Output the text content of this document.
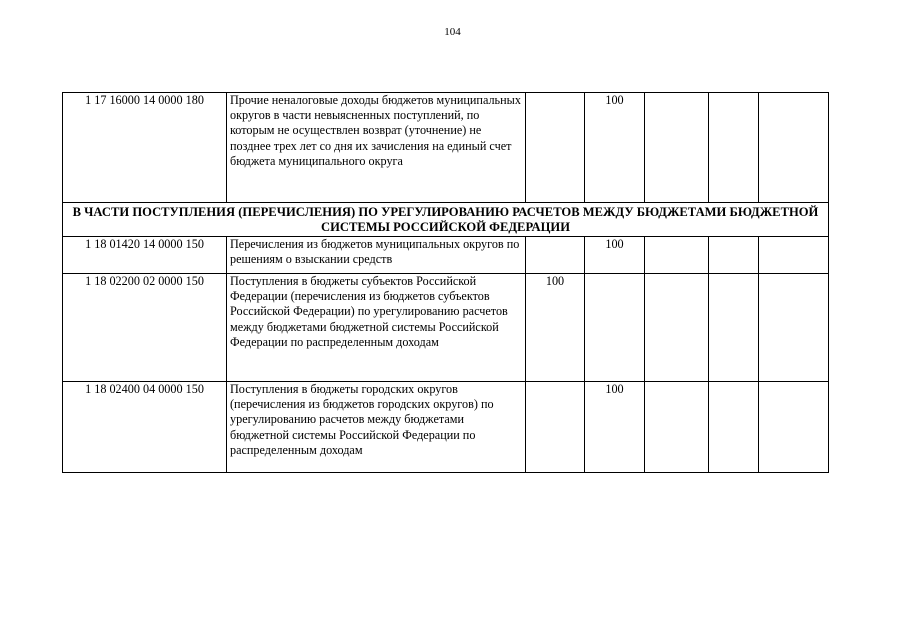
104
1 17 16000 14 0000 180	Прочие неналоговые доходы бюджетов муниципальных округов в части невыясненных поступлений, по которым не осуществлен возврат (уточнение) не позднее трех лет со дня их зачисления на единый счет бюджета муниципального округа		100			
В ЧАСТИ ПОСТУПЛЕНИЯ (ПЕРЕЧИСЛЕНИЯ) ПО УРЕГУЛИРОВАНИЮ РАСЧЕТОВ МЕЖДУ БЮДЖЕТАМИ БЮДЖЕТНОЙ СИСТЕМЫ РОССИЙСКОЙ ФЕДЕРАЦИИ						
1 18 01420 14 0000 150	Перечисления из бюджетов муниципальных округов по решениям о взыскании средств		100			
1 18 02200 02 0000 150	Поступления в бюджеты субъектов Российской Федерации (перечисления из бюджетов субъектов Российской Федерации) по урегулированию расчетов между бюджетами бюджетной системы Российской Федерации по распределенным доходам	100				
1 18 02400 04 0000 150	Поступления в бюджеты городских округов (перечисления из бюджетов городских округов) по урегулированию расчетов между бюджетами бюджетной системы Российской Федерации по распределенным доходам		100			
